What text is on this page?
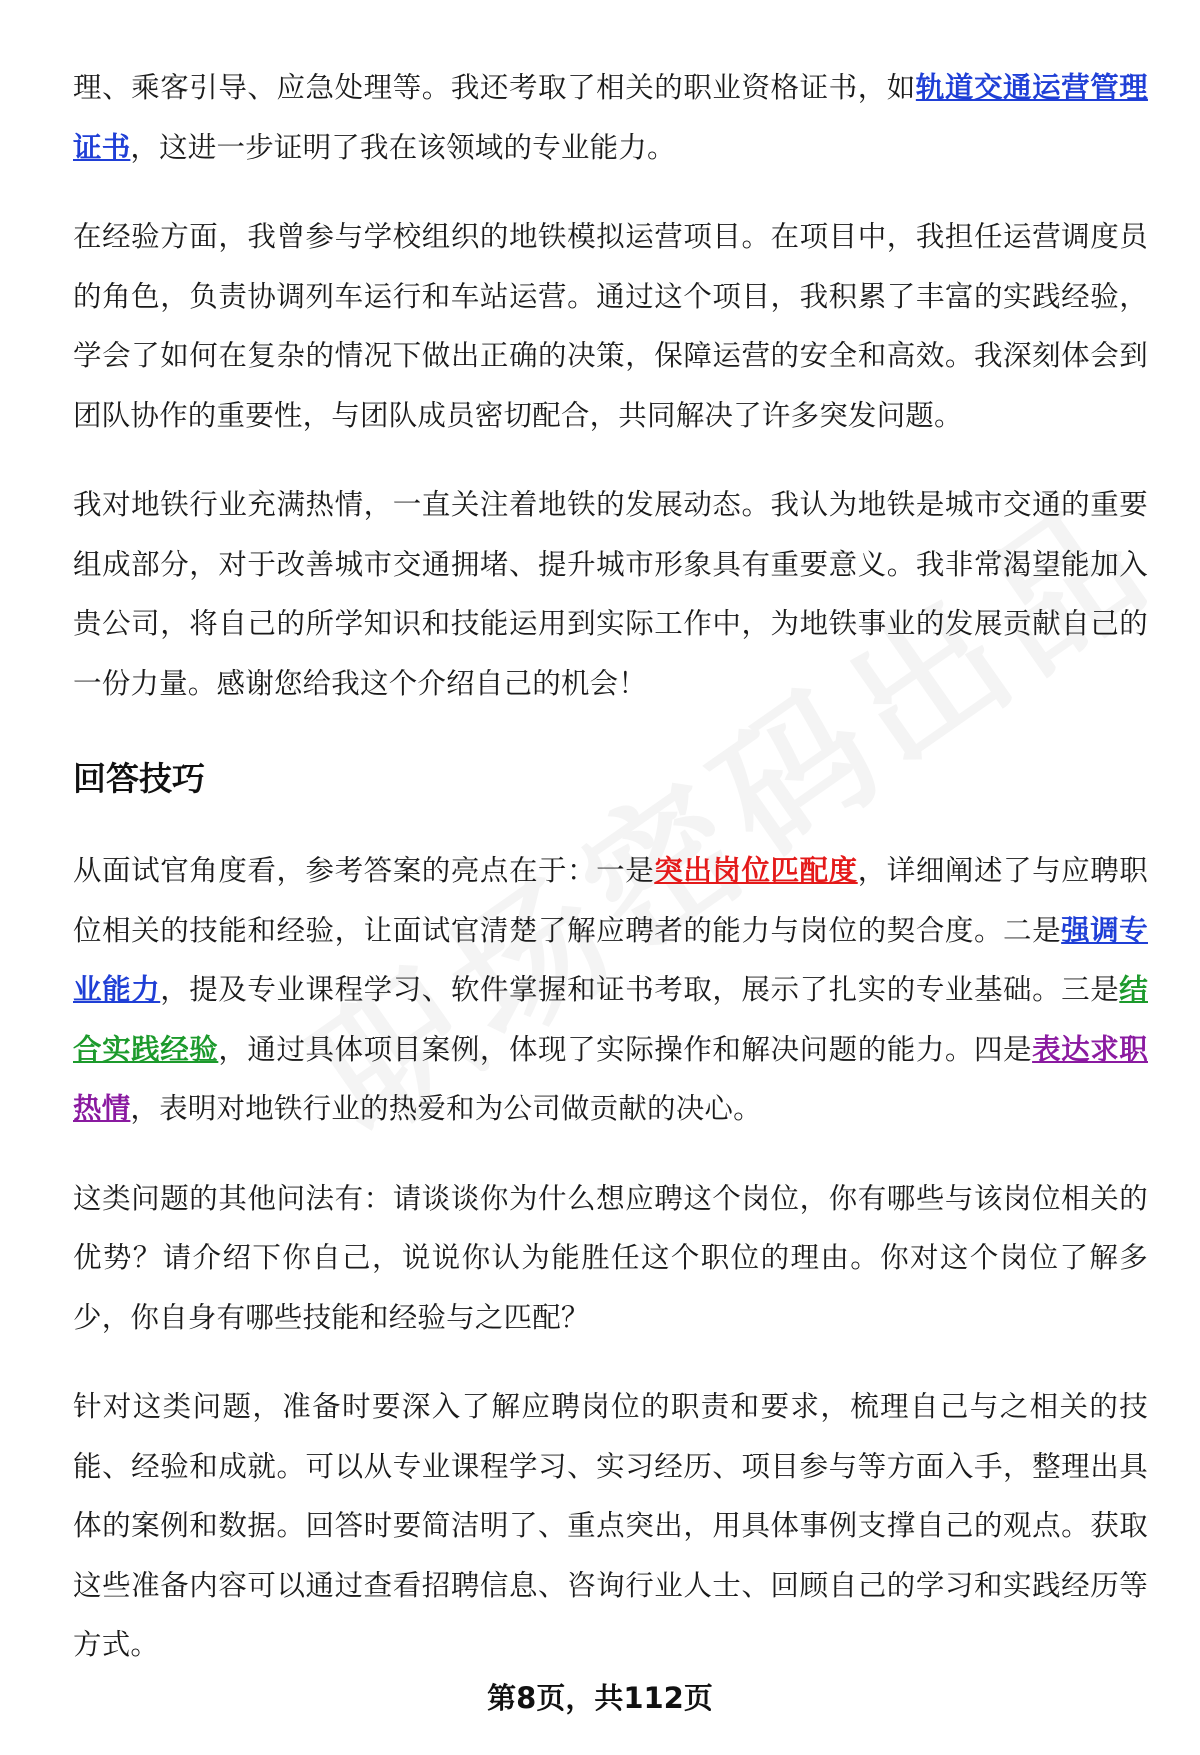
理、乘客引导、应急处理等。我还考取了相关的职业资格证书，如轨道交通运营管理证书，这进一步证明了我在该领域的专业能力。

在经验方面，我曾参与学校组织的地铁模拟运营项目。在项目中，我担任运营调度员的角色，负责协调列车运行和车站运营。通过这个项目，我积累了丰富的实践经验，学会了如何在复杂的情况下做出正确的决策，保障运营的安全和高效。我深刻体会到团队协作的重要性，与团队成员密切配合，共同解决了许多突发问题。

我对地铁行业充满热情，一直关注着地铁的发展动态。我认为地铁是城市交通的重要组成部分，对于改善城市交通拥堵、提升城市形象具有重要意义。我非常渴望能加入贵公司，将自己的所学知识和技能运用到实际工作中，为地铁事业的发展贡献自己的一份力量。感谢您给我这个介绍自己的机会！

回答技巧

从面试官角度看，参考答案的亮点在于：一是突出岗位匹配度，详细阐述了与应聘职位相关的技能和经验，让面试官清楚了解应聘者的能力与岗位的契合度。二是强调专业能力，提及专业课程学习、软件掌握和证书考取，展示了扎实的专业基础。三是结合实践经验，通过具体项目案例，体现了实际操作和解决问题的能力。四是表达求职热情，表明对地铁行业的热爱和为公司做贡献的决心。

这类问题的其他问法有：请谈谈你为什么想应聘这个岗位，你有哪些与该岗位相关的优势？请介绍下你自己，说说你认为能胜任这个职位的理由。你对这个岗位了解多少，你自身有哪些技能和经验与之匹配？

针对这类问题，准备时要深入了解应聘岗位的职责和要求，梳理自己与之相关的技能、经验和成就。可以从专业课程学习、实习经历、项目参与等方面入手，整理出具体的案例和数据。回答时要简洁明了、重点突出，用具体事例支撑自己的观点。获取这些准备内容可以通过查看招聘信息、咨询行业人士、回顾自己的学习和实践经历等方式。

第8页，共112页
